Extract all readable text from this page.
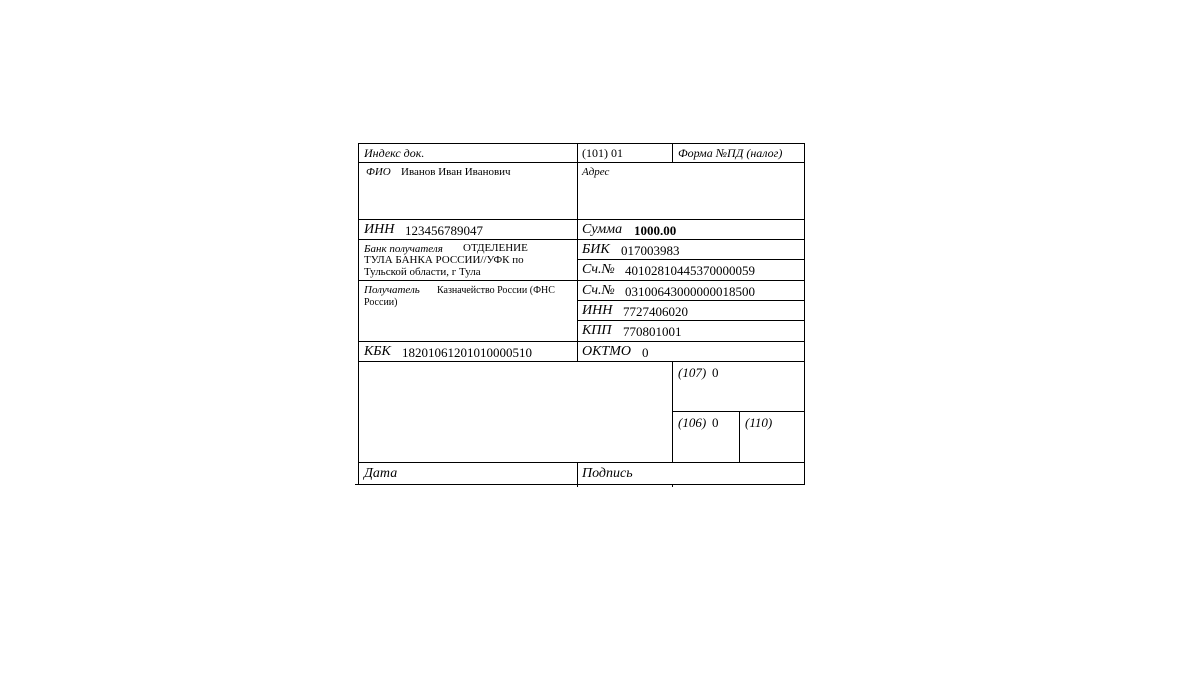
Индекс док.	(101) 01	Форма №ПД (налог)
ФИО Иванов Иван Иванович	Адрес
ИНН 123456789047	Сумма 1000.00
Банк получателя ОТДЕЛЕНИЕ
ТУЛА БАНКА РОССИИ//УФК по
Тульской области, г Тула
БИК 017003983
Сч.№ 40102810445370000059
Получатель Казначейство России (ФНС
России)
Сч.№ 03100643000000018500
ИНН 7727406020
КПП 770801001
КБК 18201061201010000510	ОКТМО 0
(107) 0
(106) 0 (110)
Дата	Подпись
